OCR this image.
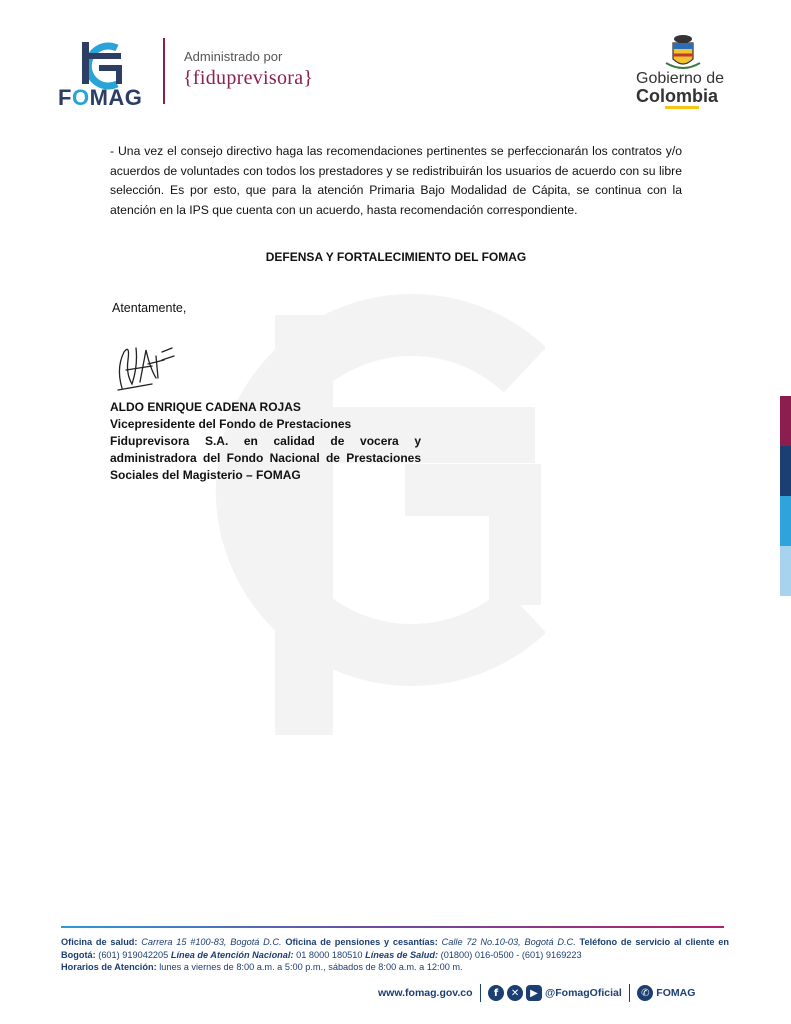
FOMAG
Administrado por
{fiduprevisora}	Gobierno de
Colombia
- Una vez el consejo directivo haga las recomendaciones pertinentes se perfeccionarán los contratos y/o acuerdos de voluntades con todos los prestadores y se redistribuirán los usuarios de acuerdo con su libre selección. Es por esto, que para la atención Primaria Bajo Modalidad de Cápita, se continua con la atención en la IPS que cuenta con un acuerdo, hasta recomendación correspondiente.
DEFENSA Y FORTALECIMIENTO DEL FOMAG
Atentamente,
ALDO ENRIQUE CADENA ROJAS
Vicepresidente del Fondo de Prestaciones
Fiduprevisora S.A. en calidad de vocera y
administradora del Fondo Nacional de Prestaciones
Sociales del Magisterio – FOMAG
Oficina de salud: Carrera 15 #100-83, Bogotá D.C. Oficina de pensiones y cesantías: Calle 72 No.10-03, Bogotá D.C. Teléfono de servicio al cliente en Bogotá: (601) 919042205 Línea de Atención Nacional: 01 8000 180510 Líneas de Salud: (01800) 016-0500 - (601) 9169223
Horarios de Atención: lunes a viernes de 8:00 a.m. a 5:00 p.m., sábados de 8:00 a.m. a 12:00 m.
www.fomag.gov.co	f	✕	▶ @FomagOficial	✆ FOMAG
